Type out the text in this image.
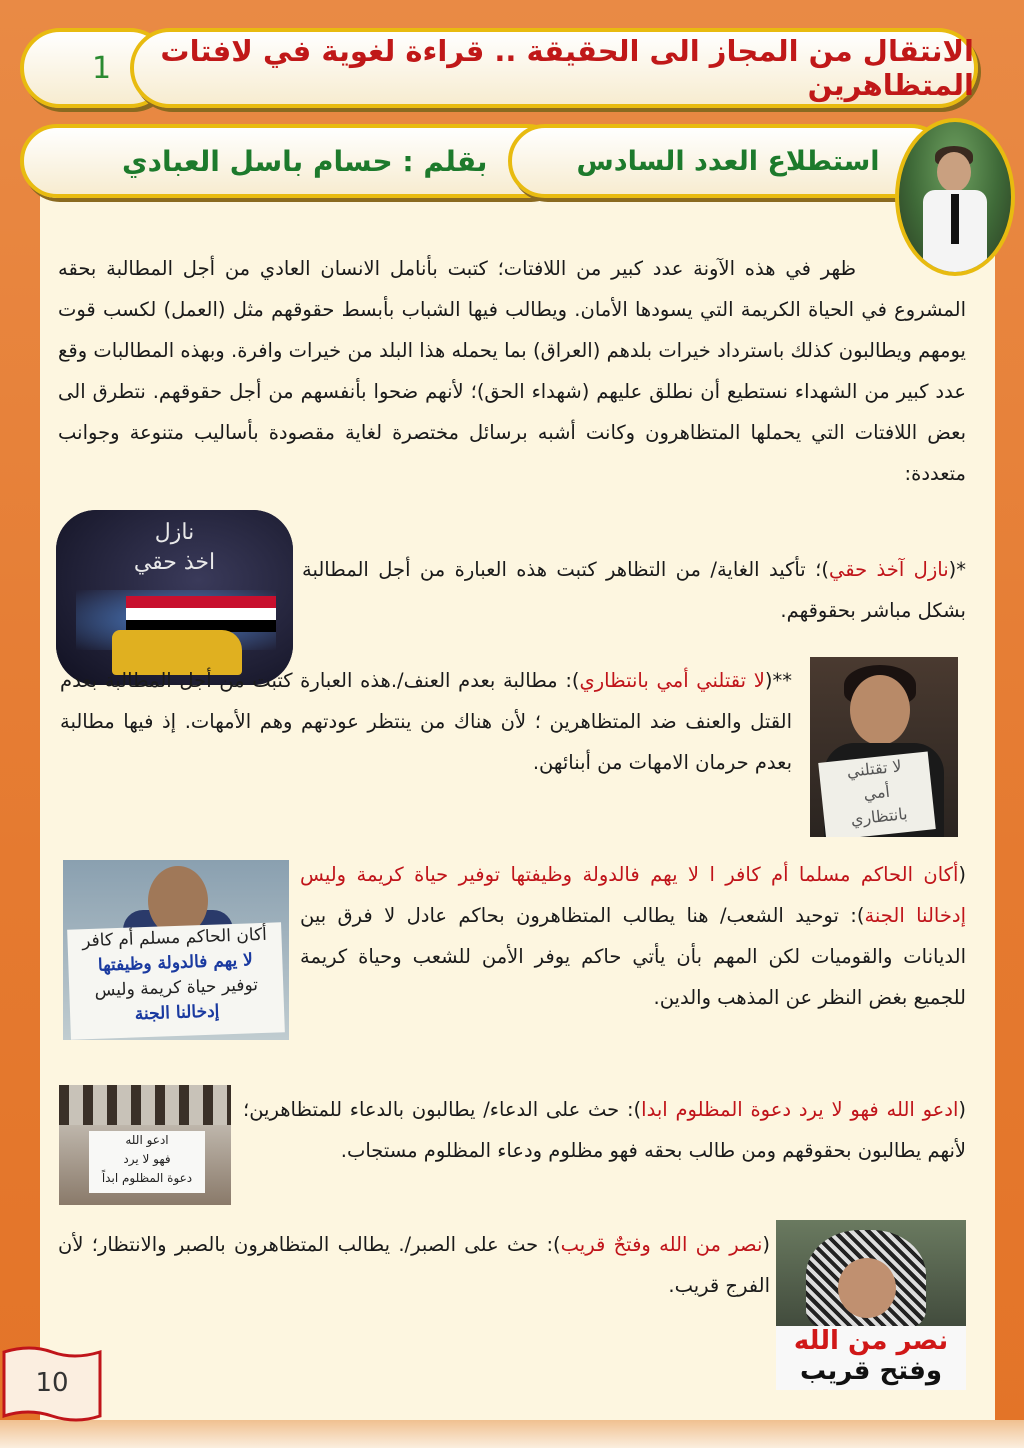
1	الانتقال من المجاز الى الحقيقة .. قراءة لغوية في لافتات المتظاهرين
بقلم : حسام باسل العبادي	استطلاع العدد السادس
ظهر في هذه الآونة عدد كبير من اللافتات؛ كتبت بأنامل الانسان العادي من أجل المطالبة بحقه المشروع في الحياة الكريمة التي يسودها الأمان. ويطالب فيها الشباب بأبسط حقوقهم مثل (العمل) لكسب قوت يومهم ويطالبون كذلك باسترداد خيرات بلدهم (العراق) بما يحمله هذا البلد من خيرات وافرة. وبهذه المطالبات وقع عدد كبير من الشهداء نستطيع أن نطلق عليهم (شهداء الحق)؛ لأنهم ضحوا بأنفسهم من أجل حقوقهم. نتطرق الى بعض اللافتات التي يحملها المتظاهرون وكانت أشبه برسائل مختصرة لغاية مقصودة بأساليب متنوعة وجوانب متعددة:
نازل
اخذ حقي	*(نازل آخذ حقي)؛ تأكيد الغاية/ من التظاهر كتبت هذه العبارة من أجل المطالبة بشكل مباشر بحقوقهم.
لا تقتلني
أمي
بانتظاري
**(لا تقتلني أمي بانتظاري): مطالبة بعدم العنف/.هذه العبارة كتبت من أجل المطالبة بعدم القتل والعنف ضد المتظاهرين ؛ لأن هناك من ينتظر عودتهم وهم الأمهات. إذ فيها مطالبة بعدم حرمان الامهات من أبنائهن.
أكان الحاكم مسلم أم كافر
لا يهم فالدولة وظيفتها
توفير حياة كريمة وليس
إدخالنا الجنة
(أكان الحاكم مسلما أم كافر ا لا يهم فالدولة وظيفتها توفير حياة كريمة وليس إدخالنا الجنة): توحيد الشعب/ هنا يطالب المتظاهرون بحاكم عادل لا فرق بين الديانات والقوميات لكن المهم بأن يأتي حاكم يوفر الأمن للشعب وحياة كريمة للجميع بغض النظر عن المذهب والدين.
ادعو الله
فهو لا يرد
دعوة المظلوم ابداً
(ادعو الله فهو لا يرد دعوة المظلوم ابدا): حث على الدعاء/ يطالبون بالدعاء للمتظاهرين؛ لأنهم يطالبون بحقوقهم ومن طالب بحقه فهو مظلوم ودعاء المظلوم مستجاب.
نصر من الله
وفتح قريب
(نصر من الله وفتحٌ قريب): حث على الصبر/. يطالب المتظاهرون بالصبر والانتظار؛ لأن الفرج قريب.
10
